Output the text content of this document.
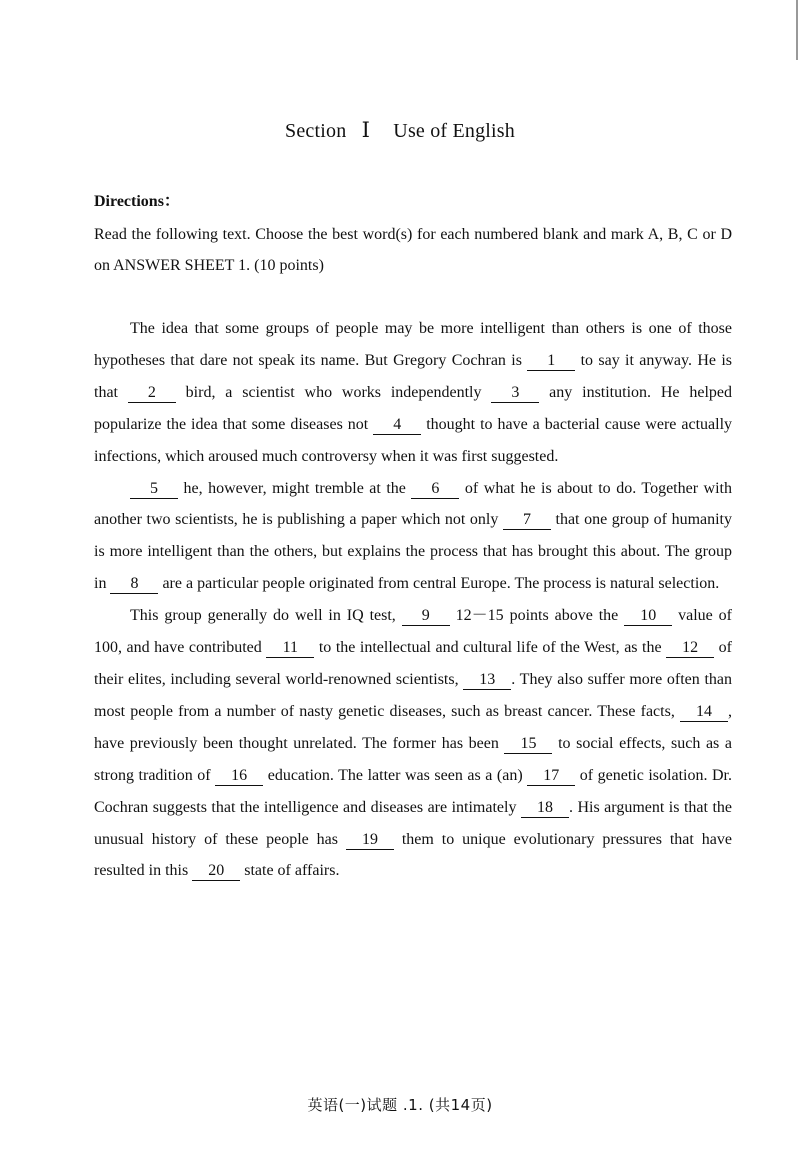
Section Ⅰ Use of English
Directions：
Read the following text. Choose the best word(s) for each numbered blank and mark A, B, C or D on ANSWER SHEET 1. (10 points)

The idea that some groups of people may be more intelligent than others is one of those hypotheses that dare not speak its name. But Gregory Cochran is 1 to say it anyway. He is that 2 bird, a scientist who works independently 3 any institution. He helped popularize the idea that some diseases not 4 thought to have a bacterial cause were actually infections, which aroused much controversy when it was first suggested.

5 he, however, might tremble at the 6 of what he is about to do. Together with another two scientists, he is publishing a paper which not only 7 that one group of humanity is more intelligent than the others, but explains the process that has brought this about. The group in 8 are a particular people originated from central Europe. The process is natural selection.

This group generally do well in IQ test, 9 12－15 points above the 10 value of 100, and have contributed 11 to the intellectual and cultural life of the West, as the 12 of their elites, including several world-renowned scientists, 13 . They also suffer more often than most people from a number of nasty genetic diseases, such as breast cancer. These facts, 14 , have previously been thought unrelated. The former has been 15 to social effects, such as a strong tradition of 16 education. The latter was seen as a (an) 17 of genetic isolation. Dr. Cochran suggests that the intelligence and diseases are intimately 18 . His argument is that the unusual history of these people has 19 them to unique evolutionary pressures that have resulted in this 20 state of affairs.

英语(一)试题 .1. (共14页)
